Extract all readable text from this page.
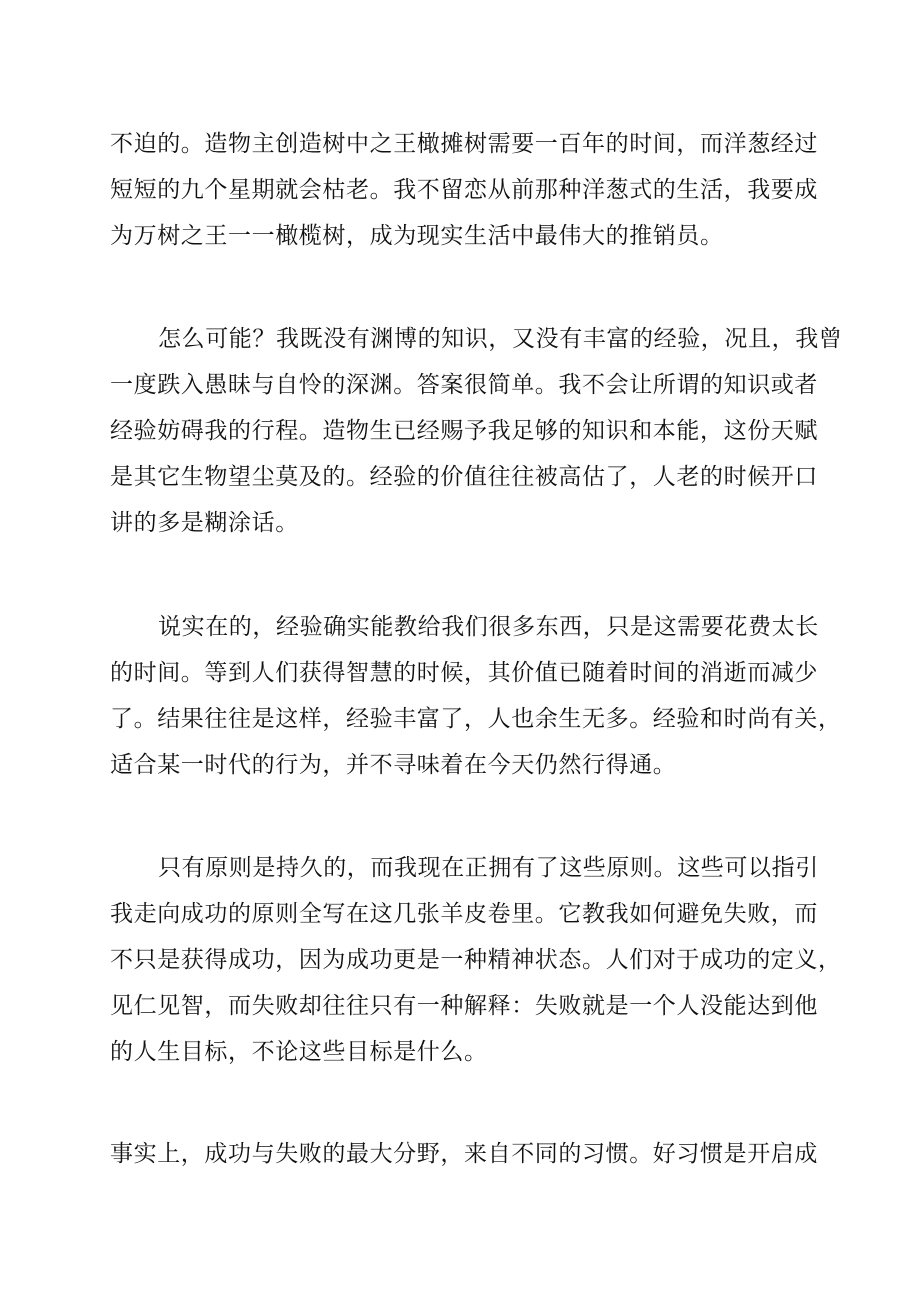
不迫的。造物主创造树中之王橄摊树需要一百年的时间，而洋葱经过
短短的九个星期就会枯老。我不留恋从前那种洋葱式的生活，我要成
为万树之王一一橄榄树，成为现实生活中最伟大的推销员。
怎么可能？我既没有渊博的知识，又没有丰富的经验，况且，我曾
一度跌入愚昧与自怜的深渊。答案很简单。我不会让所谓的知识或者
经验妨碍我的行程。造物生已经赐予我足够的知识和本能，这份天赋
是其它生物望尘莫及的。经验的价值往往被高估了，人老的时候开口
讲的多是糊涂话。
说实在的，经验确实能教给我们很多东西，只是这需要花费太长
的时间。等到人们获得智慧的时候，其价值已随着时间的消逝而减少
了。结果往往是这样，经验丰富了，人也余生无多。经验和时尚有关，
适合某一时代的行为，并不寻味着在今天仍然行得通。
只有原则是持久的，而我现在正拥有了这些原则。这些可以指引
我走向成功的原则全写在这几张羊皮卷里。它教我如何避免失败，而
不只是获得成功，因为成功更是一种精神状态。人们对于成功的定义，
见仁见智，而失败却往往只有一种解释：失败就是一个人没能达到他
的人生目标，不论这些目标是什么。
事实上，成功与失败的最大分野，来自不同的习惯。好习惯是开启成
